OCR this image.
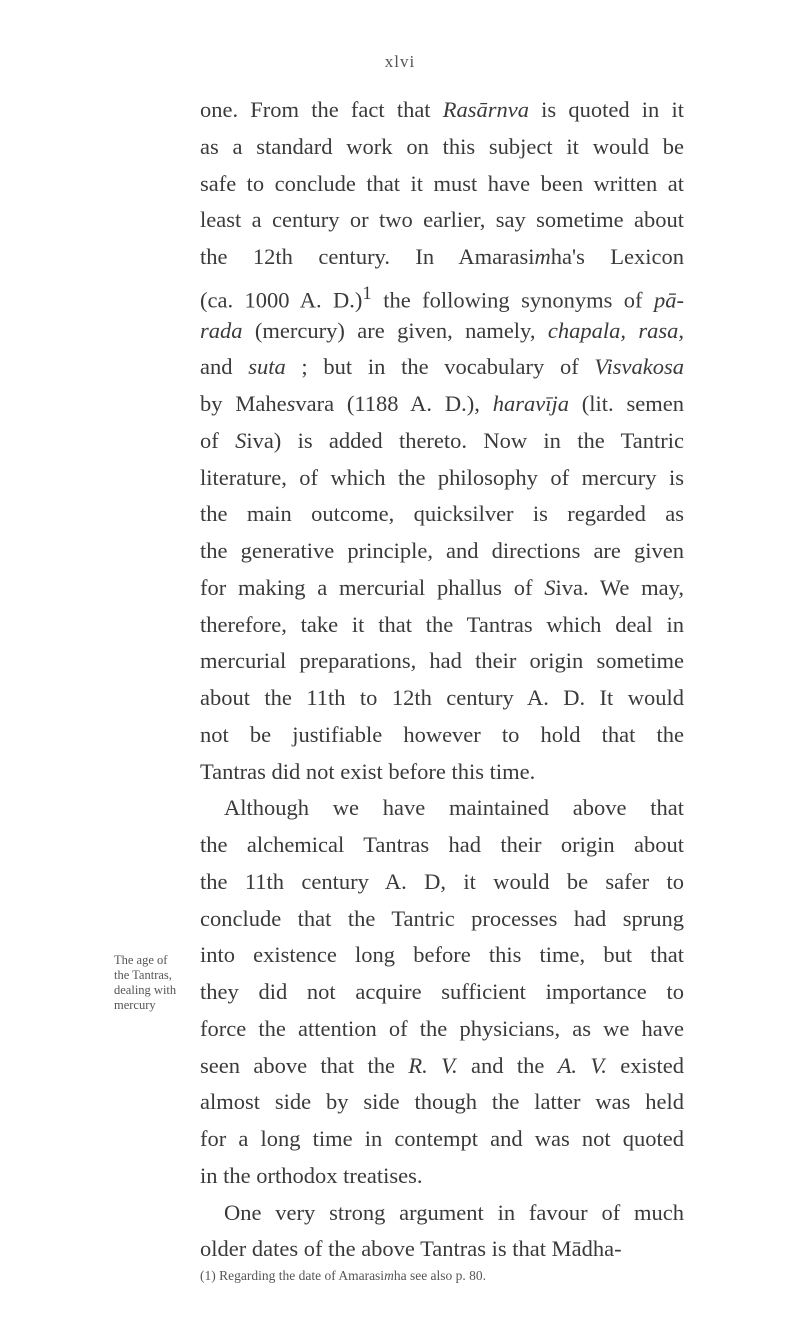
xlvi
one. From the fact that Rasārnva is quoted in it
as a standard work on this subject it would be
safe to conclude that it must have been written at
least a century or two earlier, say sometime about
the 12th century. In Amarasimha's Lexicon
(ca. 1000 A. D.)$^1$ the following synonyms of pā-
rada (mercury) are given, namely, chapala, rasa,
and suta ; but in the vocabulary of Visvakosa
by Mahesvara (1188 A. D.), haravīja (lit. semen
of Siva) is added thereto. Now in the Tantric
literature, of which the philosophy of mercury is
the main outcome, quicksilver is regarded as
the generative principle, and directions are given
for making a mercurial phallus of Siva. We may,
therefore, take it that the Tantras which deal in
mercurial preparations, had their origin sometime
about the 11th to 12th century A. D. It would
not be justifiable however to hold that the
Tantras did not exist before this time.
Although we have maintained above that
the alchemical Tantras had their origin about
the 11th century A. D, it would be safer to
conclude that the Tantric processes had sprung
into existence long before this time, but that
they did not acquire sufficient importance to
force the attention of the physicians, as we have
seen above that the R. V. and the A. V. existed
almost side by side though the latter was held
for a long time in contempt and was not quoted
in the orthodox treatises.
One very strong argument in favour of much
older dates of the above Tantras is that Mādha-
The age of
the Tantras,
dealing with
mercury
(1) Regarding the date of Amarasimha see also p. 80.
